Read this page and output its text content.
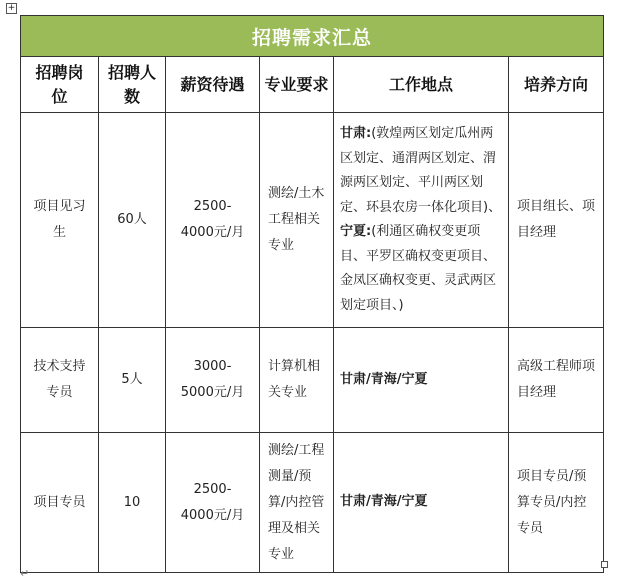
+
招聘需求汇总					
招聘岗位	招聘人数	薪资待遇	专业要求	工作地点	培养方向
项目见习生	60人	2500-4000元/月	测绘/土木工程相关专业	甘肃:(敦煌两区划定瓜州两区划定、通渭两区划定、渭源两区划定、平川两区划定、环县农房一体化项目)、宁夏:(利通区确权变更项目、平罗区确权变更项目、金凤区确权变更、灵武两区划定项目、)	项目组长、项目经理
技术支持专员	5人	3000-5000元/月	计算机相关专业	甘肃/青海/宁夏	高级工程师项目经理
项目专员	10	2500-4000元/月	测绘/工程测量/预算/内控管理及相关专业	甘肃/青海/宁夏	项目专员/预算专员/内控专员
↵
